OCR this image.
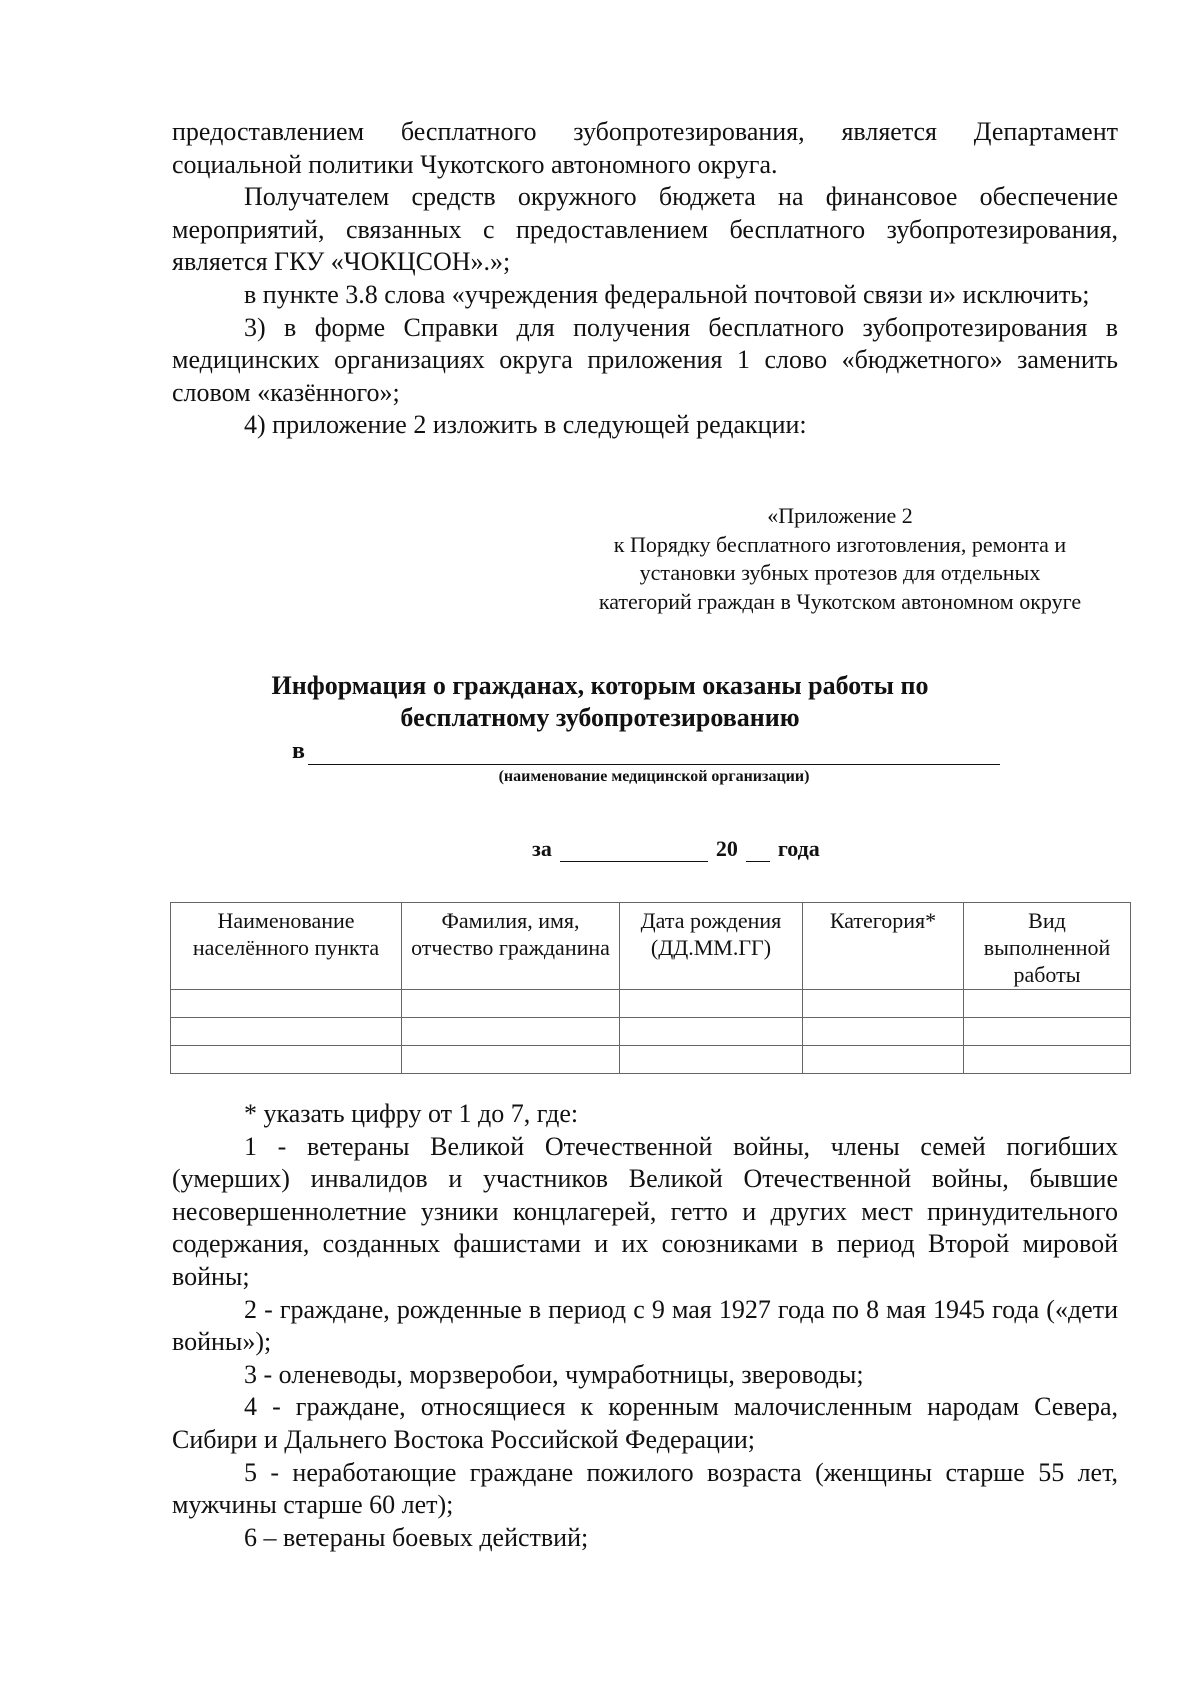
предоставлением бесплатного зубопротезирования, является Департамент социальной политики Чукотского автономного округа.

Получателем средств окружного бюджета на финансовое обеспечение мероприятий, связанных с предоставлением бесплатного зубопротезирования, является ГКУ «ЧОКЦСОН».»;

в пункте 3.8 слова «учреждения федеральной почтовой связи и» исключить;

3) в форме Справки для получения бесплатного зубопротезирования в медицинских организациях округа приложения 1 слово «бюджетного» заменить словом «казённого»;

4) приложение 2 изложить в следующей редакции:

«Приложение 2
к Порядку бесплатного изготовления, ремонта и
установки зубных протезов для отдельных
категорий граждан в Чукотском автономном округе
Информация о гражданах, которым оказаны работы по
бесплатному зубопротезированию
в
(наименование медицинской организации)
за	20 года
Наименование населённого пункта	Фамилия, имя, отчество гражданина	Дата рождения (ДД.ММ.ГГ)	Категория*	Вид выполненной работы

* указать цифру от 1 до 7, где:

1 - ветераны Великой Отечественной войны, члены семей погибших (умерших) инвалидов и участников Великой Отечественной войны, бывшие несовершеннолетние узники концлагерей, гетто и других мест принудительного содержания, созданных фашистами и их союзниками в период Второй мировой войны;

2 - граждане, рожденные в период с 9 мая 1927 года по 8 мая 1945 года («дети войны»);

3 - оленеводы, морзверобои, чумработницы, звероводы;

4 - граждане, относящиеся к коренным малочисленным народам Севера, Сибири и Дальнего Востока Российской Федерации;

5 - неработающие граждане пожилого возраста (женщины старше 55 лет, мужчины старше 60 лет);

6 – ветераны боевых действий;
